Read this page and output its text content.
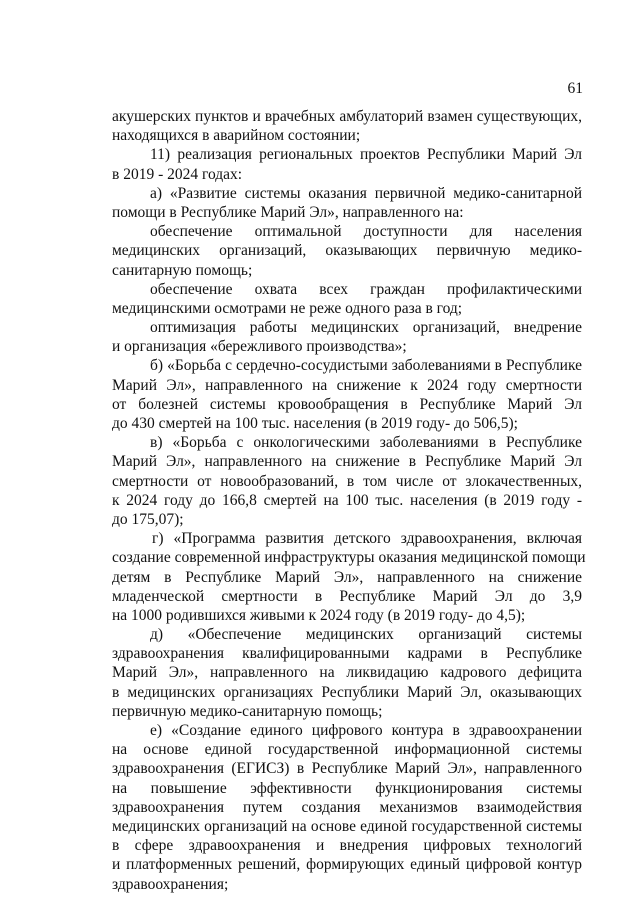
61
акушерских пунктов и врачебных амбулаторий взамен существующих,
находящихся в аварийном состоянии;
11) реализация региональных проектов Республики Марий Эл
в 2019 - 2024 годах:
а) «Развитие системы оказания первичной медико-санитарной
помощи в Республике Марий Эл», направленного на:
обеспечение оптимальной доступности для населения
медицинских организаций, оказывающих первичную медико-
санитарную помощь;
обеспечение охвата всех граждан профилактическими
медицинскими осмотрами не реже одного раза в год;
оптимизация работы медицинских организаций, внедрение
и организация «бережливого производства»;
б) «Борьба с сердечно-сосудистыми заболеваниями в Республике
Марий Эл», направленного на снижение к 2024 году смертности
от болезней системы кровообращения в Республике Марий Эл
до 430 смертей на 100 тыс. населения (в 2019 году- до 506,5);
в) «Борьба с онкологическими заболеваниями в Республике
Марий Эл», направленного на снижение в Республике Марий Эл
смертности от новообразований, в том числе от злокачественных,
к 2024 году до 166,8 смертей на 100 тыс. населения (в 2019 году -
до 175,07);
г) «Программа развития детского здравоохранения, включая
создание современной инфраструктуры оказания медицинской помощи
детям в Республике Марий Эл», направленного на снижение
младенческой смертности в Республике Марий Эл до 3,9
на 1000 родившихся живыми к 2024 году (в 2019 году- до 4,5);
д) «Обеспечение медицинских организаций системы
здравоохранения квалифицированными кадрами в Республике
Марий Эл», направленного на ликвидацию кадрового дефицита
в медицинских организациях Республики Марий Эл, оказывающих
первичную медико-санитарную помощь;
е) «Создание единого цифрового контура в здравоохранении
на основе единой государственной информационной системы
здравоохранения (ЕГИСЗ) в Республике Марий Эл», направленного
на повышение эффективности функционирования системы
здравоохранения путем создания механизмов взаимодействия
медицинских организаций на основе единой государственной системы
в сфере здравоохранения и внедрения цифровых технологий
и платформенных решений, формирующих единый цифровой контур
здравоохранения;
